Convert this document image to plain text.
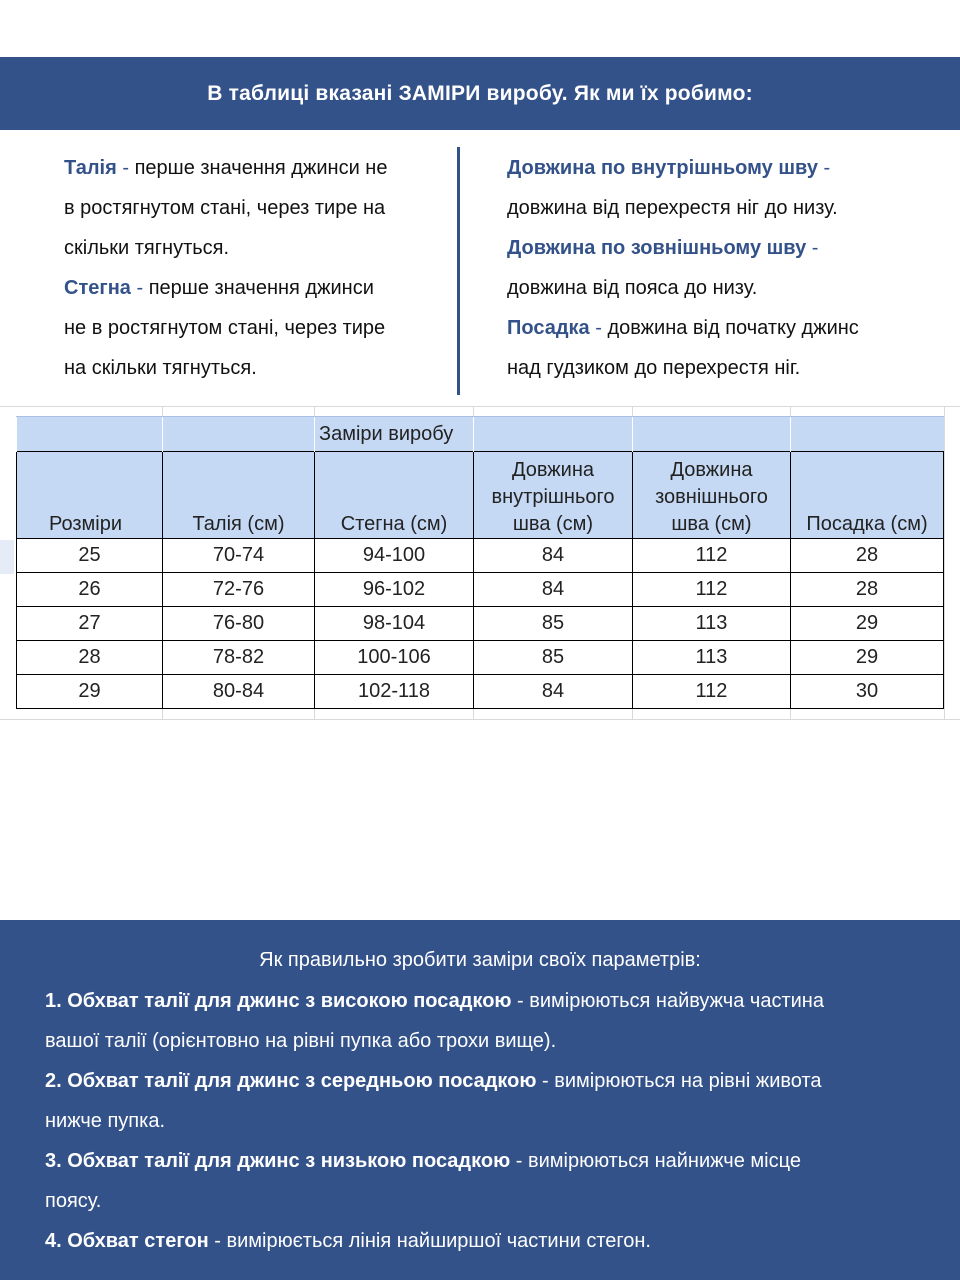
В таблиці вказані ЗАМІРИ виробу. Як ми їх робимо:

Талія - перше значення джинси не
в ростягнутом стані, через тире на
скільки тягнуться.

Стегна - перше значення джинси
не в ростягнутом стані, через тире
на скільки тягнуться.

Довжина по внутрішньому шву -
довжина від перехрестя ніг до низу.

Довжина по зовнішньому шву -
довжина від пояса до низу.

Посадка - довжина від початку джинс
над гудзиком до перехрестя ніг.

		Заміри виробу			
Розміри	Талія (см)	Стегна (см)	Довжина
внутрішнього
шва (см)	Довжина
зовнішнього
шва (см)	Посадка (см)
25	70-74	94-100	84	112	28
26	72-76	96-102	84	112	28
27	76-80	98-104	85	113	29
28	78-82	100-106	85	113	29
29	80-84	102-118	84	112	30
Як правильно зробити заміри своїх параметрів:

1. Обхват талії для джинс з високою посадкою - вимірюються найвужча частина
вашої талії (орієнтовно на рівні пупка або трохи вище).

2. Обхват талії для джинс з середньою посадкою - вимірюються на рівні живота
нижче пупка.

3. Обхват талії для джинс з низькою посадкою - вимірюються найнижче місце
поясу.

4. Обхват стегон - вимірюється лінія найширшої частини стегон.
